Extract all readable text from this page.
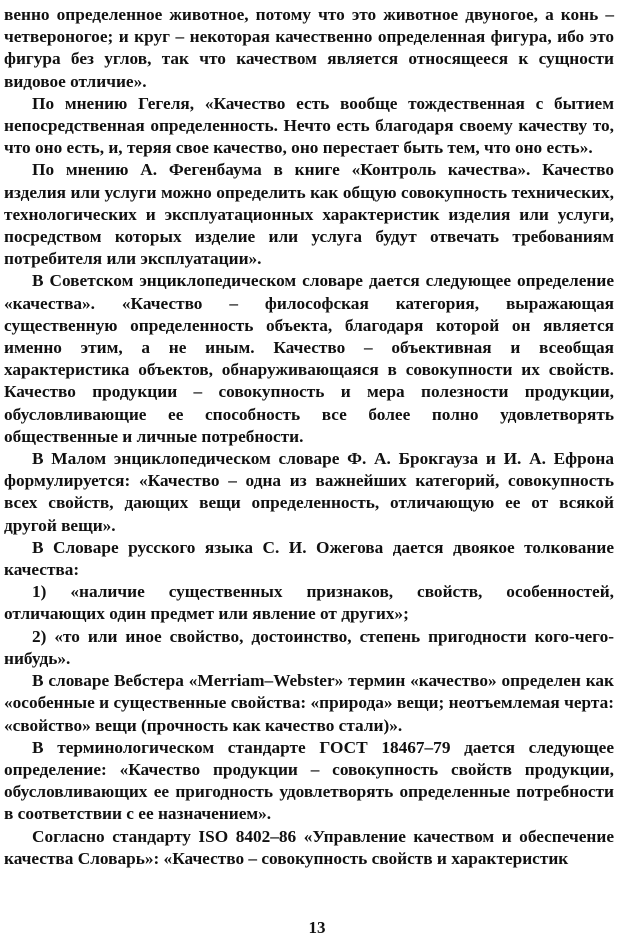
венно определенное животное, потому что это животное двуногое, а конь – четвероногое; и круг – некоторая качественно определенная фигура, ибо это фигура без углов, так что качеством является относящееся к сущности видовое отличие».

По мнению Гегеля, «Качество есть вообще тождественная с бытием непосредственная определенность. Нечто есть благодаря своему качеству то, что оно есть, и, теряя свое качество, оно перестает быть тем, что оно есть».

По мнению А. Фегенбаума в книге «Контроль качества». Качество изделия или услуги можно определить как общую совокупность технических, технологических и эксплуатационных характеристик изделия или услуги, посредством которых изделие или услуга будут отвечать требованиям потребителя или эксплуатации».

В Советском энциклопедическом словаре дается следующее определение «качества». «Качество – философская категория, выражающая существенную определенность объекта, благодаря которой он является именно этим, а не иным. Качество – объективная и всеобщая характеристика объектов, обнаруживающаяся в совокупности их свойств. Качество продукции – совокупность и мера полезности продукции, обусловливающие ее способность все более полно удовлетворять общественные и личные потребности.

В Малом энциклопедическом словаре Ф. А. Брокгауза и И. А. Ефрона формулируется: «Качество – одна из важнейших категорий, совокупность всех свойств, дающих вещи определенность, отличающую ее от всякой другой вещи».

В Словаре русского языка С. И. Ожегова дается двоякое толкование качества:

1) «наличие существенных признаков, свойств, особенностей, отличающих один предмет или явление от других»;

2) «то или иное свойство, достоинство, степень пригодности кого-чего-нибудь».

В словаре Вебстера «Merriam–Webster» термин «качество» определен как «особенные и существенные свойства: «природа» вещи; неотъемлемая черта: «свойство» вещи (прочность как качество стали)».

В терминологическом стандарте ГОСТ 18467–79 дается следующее определение: «Качество продукции – совокупность свойств продукции, обусловливающих ее пригодность удовлетворять определенные потребности в соответствии с ее назначением».

Согласно стандарту ISO 8402–86 «Управление качеством и обеспечение качества Словарь»: «Качество – совокупность свойств и характеристик

13
